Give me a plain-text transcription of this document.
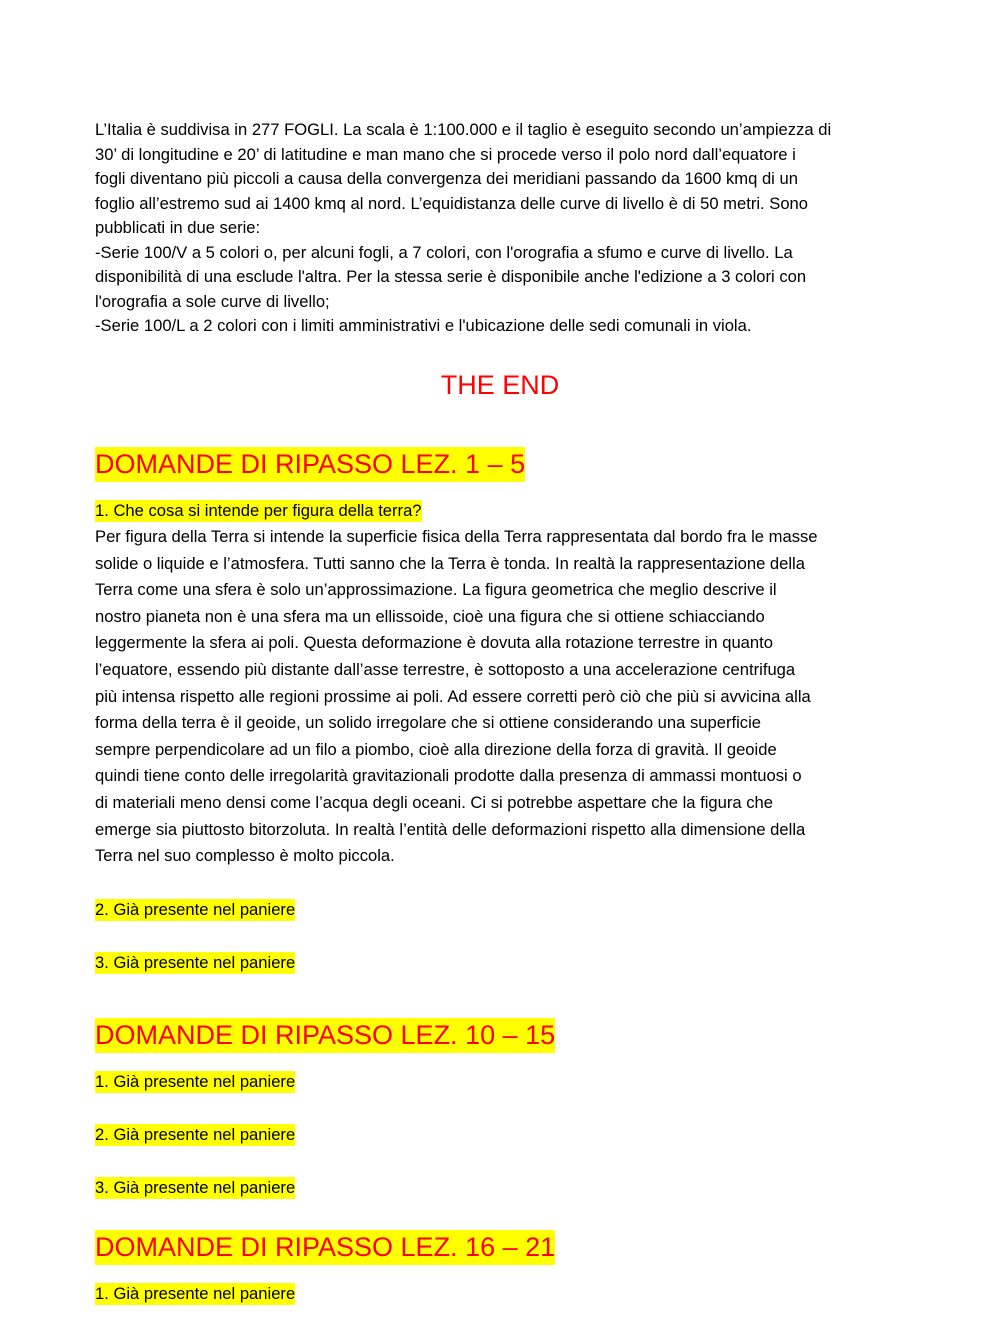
L’Italia è suddivisa in 277 FOGLI. La scala è 1:100.000 e il taglio è eseguito secondo un’ampiezza di
30’ di longitudine e 20’ di latitudine e man mano che si procede verso il polo nord dall’equatore i
fogli diventano più piccoli a causa della convergenza dei meridiani passando da 1600 kmq di un
foglio all’estremo sud ai 1400 kmq al nord. L’equidistanza delle curve di livello è di 50 metri. Sono
pubblicati in due serie:
-Serie 100/V a 5 colori o, per alcuni fogli, a 7 colori, con l'orografia a sfumo e curve di livello. La
disponibilità di una esclude l'altra. Per la stessa serie è disponibile anche l'edizione a 3 colori con
l'orografia a sole curve di livello;
-Serie 100/L a 2 colori con i limiti amministrativi e l'ubicazione delle sedi comunali in viola.

THE END

DOMANDE DI RIPASSO LEZ. 1 – 5

1. Che cosa si intende per figura della terra?

Per figura della Terra si intende la superficie fisica della Terra rappresentata dal bordo fra le masse
solide o liquide e l’atmosfera. Tutti sanno che la Terra è tonda. In realtà la rappresentazione della
Terra come una sfera è solo un’approssimazione. La figura geometrica che meglio descrive il
nostro pianeta non è una sfera ma un ellissoide, cioè una figura che si ottiene schiacciando
leggermente la sfera ai poli. Questa deformazione è dovuta alla rotazione terrestre in quanto
l’equatore, essendo più distante dall’asse terrestre, è sottoposto a una accelerazione centrifuga
più intensa rispetto alle regioni prossime ai poli. Ad essere corretti però ciò che più si avvicina alla
forma della terra è il geoide, un solido irregolare che si ottiene considerando una superficie
sempre perpendicolare ad un filo a piombo, cioè alla direzione della forza di gravità. Il geoide
quindi tiene conto delle irregolarità gravitazionali prodotte dalla presenza di ammassi montuosi o
di materiali meno densi come l’acqua degli oceani. Ci si potrebbe aspettare che la figura che
emerge sia piuttosto bitorzoluta. In realtà l’entità delle deformazioni rispetto alla dimensione della
Terra nel suo complesso è molto piccola.

2. Già presente nel paniere

3. Già presente nel paniere

DOMANDE DI RIPASSO LEZ. 10 – 15

1. Già presente nel paniere

2. Già presente nel paniere

3. Già presente nel paniere

DOMANDE DI RIPASSO LEZ. 16 – 21

1. Già presente nel paniere
